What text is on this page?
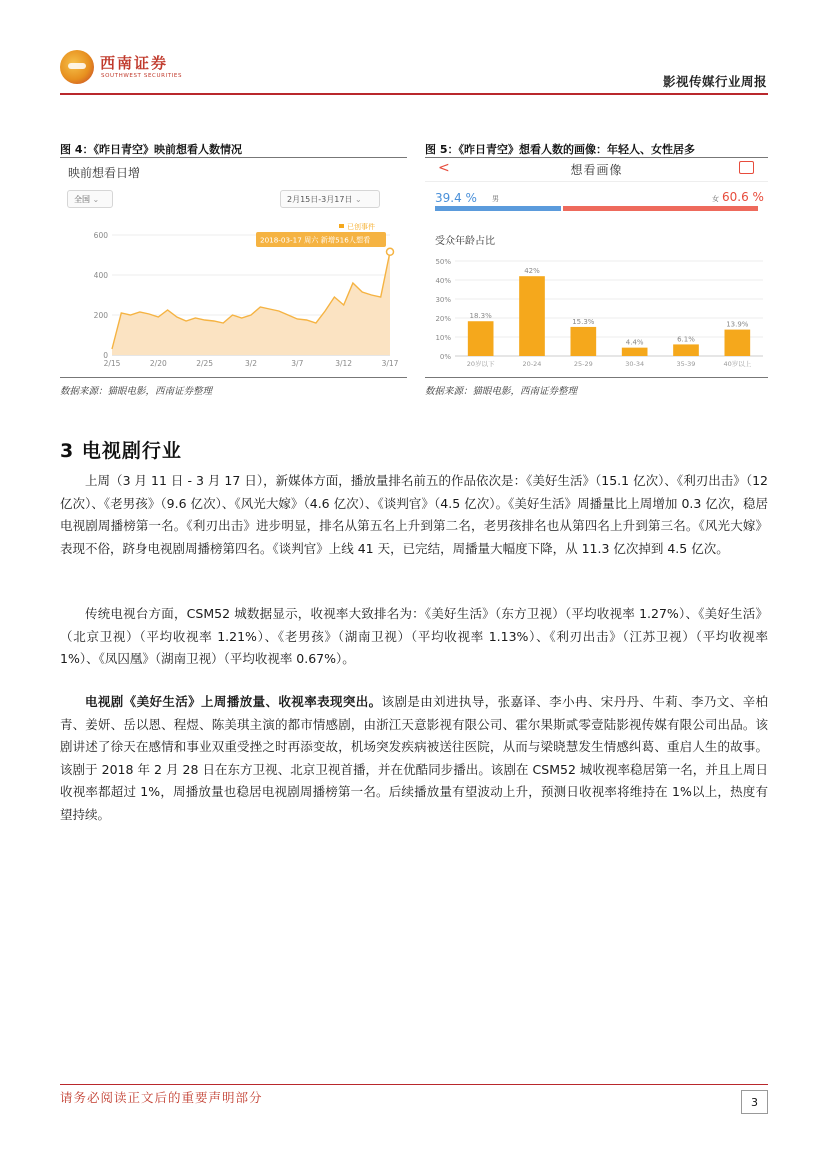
西南证券
SOUTHWEST SECURITIES	影视传媒行业周报
图 4：《昨日青空》映前想看人数情况
映前想看日增
全国 ⌄	2月15日-3月17日 ⌄
0
200
400
600
2/15	2/20	2/25	3/2	3/7	3/12	3/17
已创事件
2018-03-17 周六 新增516人想看
数据来源：猫眼电影，西南证券整理
图 5：《昨日青空》想看人数的画像：年轻人、女性居多
<	想看画像
39.4 % 男	女 60.6 %
受众年龄占比
0%
10%
20%
30%
40%
50%
18.3%
20岁以下
42%
20-24
15.3%
25-29
4.4%
30-34
6.1%
35-39
13.9%
40岁以上
数据来源：猫眼电影，西南证券整理
3 电视剧行业
上周（3 月 11 日 - 3 月 17 日），新媒体方面，播放量排名前五的作品依次是：《美好生活》（15.1 亿次）、《利刃出击》（12 亿次）、《老男孩》（9.6 亿次）、《风光大嫁》（4.6 亿次）、《谈判官》（4.5 亿次）。《美好生活》周播量比上周增加 0.3 亿次，稳居电视剧周播榜第一名。《利刃出击》进步明显，排名从第五名上升到第二名，老男孩排名也从第四名上升到第三名。《风光大嫁》表现不俗，跻身电视剧周播榜第四名。《谈判官》上线 41 天，已完结，周播量大幅度下降，从 11.3 亿次掉到 4.5 亿次。
传统电视台方面，CSM52 城数据显示，收视率大致排名为：《美好生活》（东方卫视）（平均收视率 1.27%）、《美好生活》（北京卫视）（平均收视率 1.21%）、《老男孩》（湖南卫视）（平均收视率 1.13%）、《利刃出击》（江苏卫视）（平均收视率 1%）、《凤囚凰》（湖南卫视）（平均收视率 0.67%）。
电视剧《美好生活》上周播放量、收视率表现突出。该剧是由刘进执导，张嘉译、李小冉、宋丹丹、牛莉、李乃文、辛柏青、姜妍、岳以恩、程煜、陈美琪主演的都市情感剧，由浙江天意影视有限公司、霍尔果斯贰零壹陆影视传媒有限公司出品。该剧讲述了徐天在感情和事业双重受挫之时再添变故，机场突发疾病被送往医院，从而与梁晓慧发生情感纠葛、重启人生的故事。该剧于 2018 年 2 月 28 日在东方卫视、北京卫视首播，并在优酷同步播出。该剧在 CSM52 城收视率稳居第一名，并且上周日收视率都超过 1%，周播放量也稳居电视剧周播榜第一名。后续播放量有望波动上升，预测日收视率将维持在 1%以上，热度有望持续。
请务必阅读正文后的重要声明部分	3
